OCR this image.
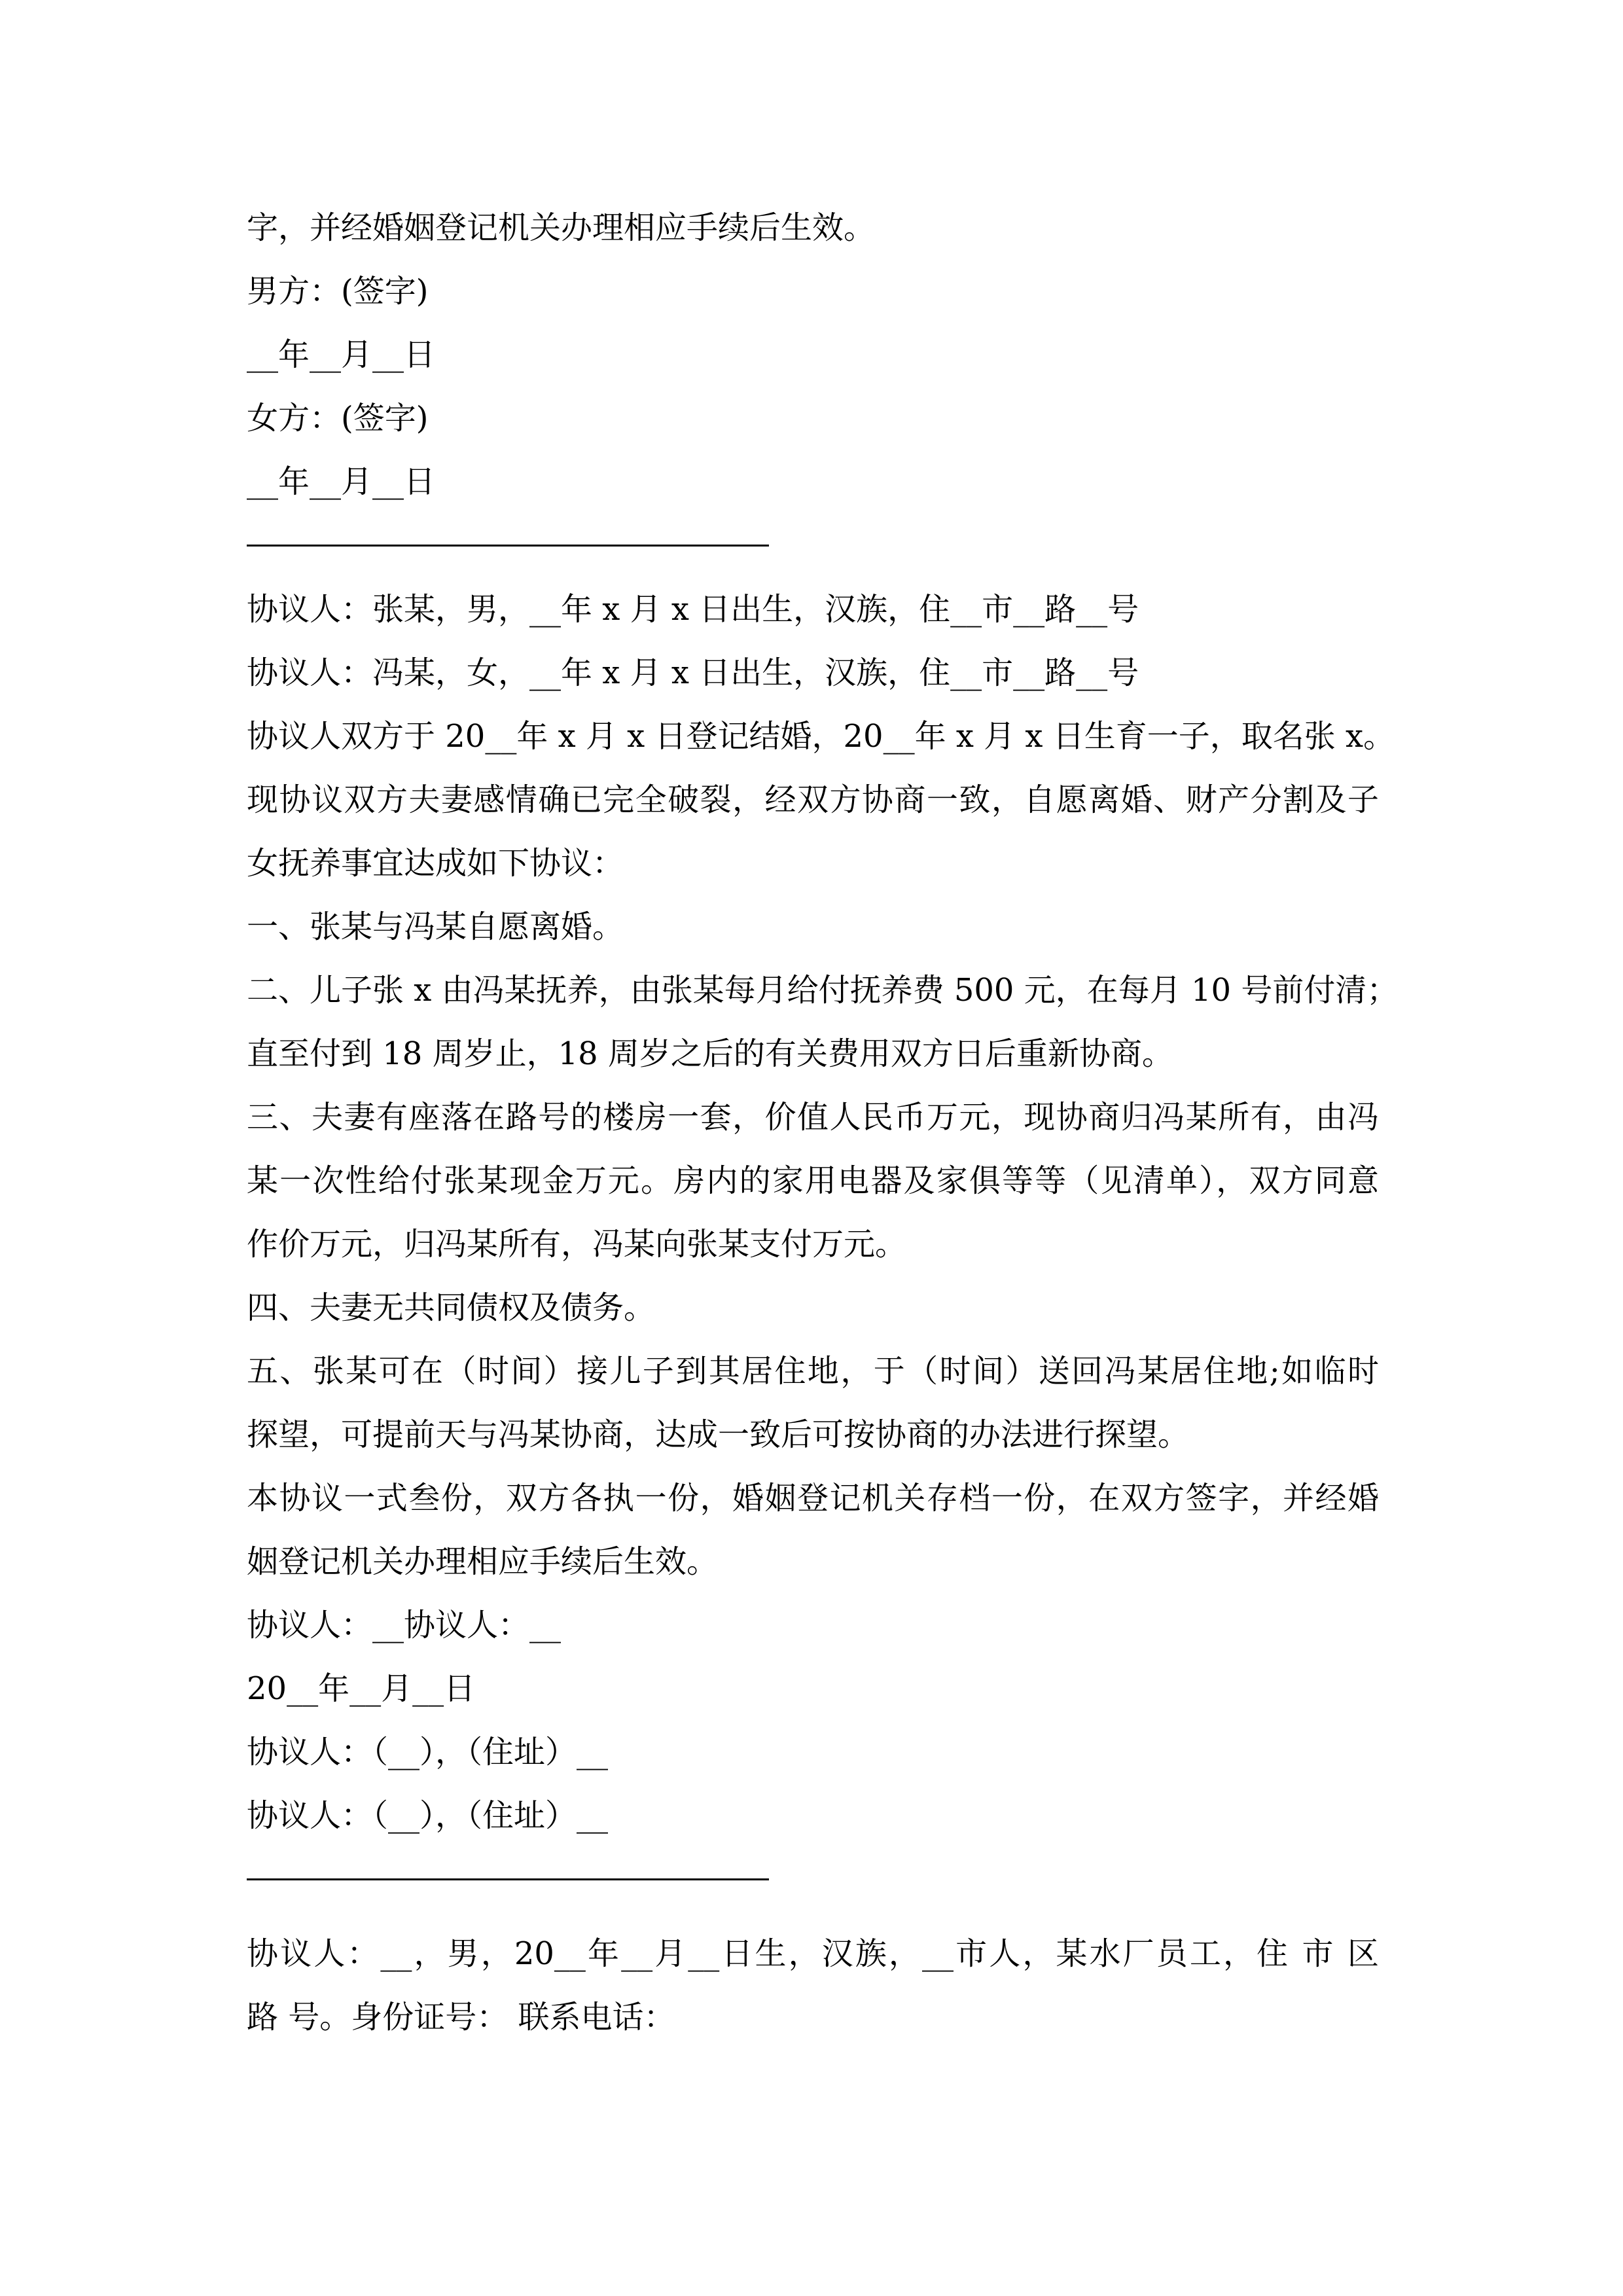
字，并经婚姻登记机关办理相应手续后生效。
男方：(签字)
__年__月__日
女方：(签字)
__年__月__日
协议人：张某，男，__年 x 月 x 日出生，汉族，住__市__路__号
协议人：冯某，女，__年 x 月 x 日出生，汉族，住__市__路__号
协议人双方于 20__年 x 月 x 日登记结婚，20__年 x 月 x 日生育一子，取名张 x。
现协议双方夫妻感情确已完全破裂，经双方协商一致，自愿离婚、财产分割及子
女抚养事宜达成如下协议：
一、张某与冯某自愿离婚。
二、儿子张 x 由冯某抚养，由张某每月给付抚养费 500 元，在每月 10 号前付清；
直至付到 18 周岁止，18 周岁之后的有关费用双方日后重新协商。
三、夫妻有座落在路号的楼房一套，价值人民币万元，现协商归冯某所有，由冯
某一次性给付张某现金万元。房内的家用电器及家俱等等（见清单），双方同意
作价万元，归冯某所有，冯某向张某支付万元。
四、夫妻无共同债权及债务。
五、张某可在（时间）接儿子到其居住地，于（时间）送回冯某居住地;如临时
探望，可提前天与冯某协商，达成一致后可按协商的办法进行探望。
本协议一式叁份，双方各执一份，婚姻登记机关存档一份，在双方签字，并经婚
姻登记机关办理相应手续后生效。
协议人：__协议人：__
20__年__月__日
协议人：（__），（住址）__
协议人：（__），（住址）__
协议人：__，男，20__年__月__日生，汉族，__市人，某水厂员工，住 市 区
路 号。身份证号： 联系电话：
